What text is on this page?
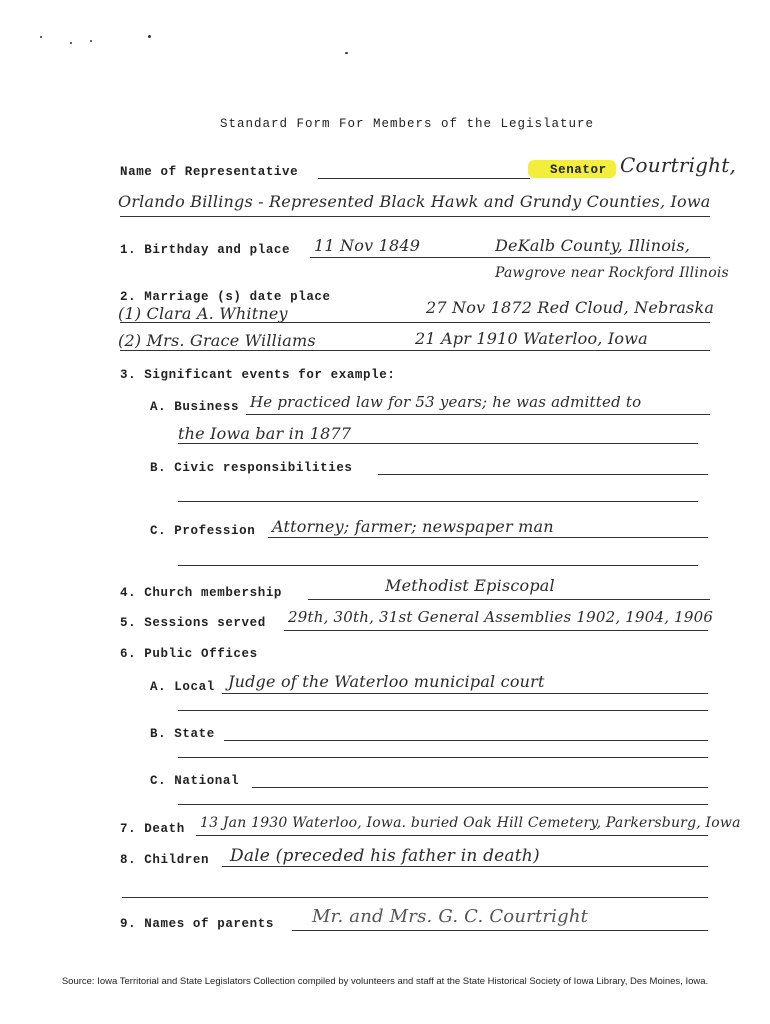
Standard Form For Members of the Legislature
Name of Representative	Senator Courtright,
Orlando Billings - Represented Black Hawk and Grundy Counties, Iowa
1. Birthday and place 11 Nov 1849	DeKalb County, Illinois,
Pawgrove near Rockford Illinois
2. Marriage (s) date place
(1) Clara A. Whitney	27 Nov 1872 Red Cloud, Nebraska
(2) Mrs. Grace Williams	21 Apr 1910 Waterloo, Iowa
3. Significant events for example:
A. Business He practiced law for 53 years; he was admitted to
the Iowa bar in 1877
B. Civic responsibilities
C. Profession Attorney; farmer; newspaper man
4. Church membership	Methodist Episcopal
5. Sessions served 29th, 30th, 31st General Assemblies 1902, 1904, 1906
6. Public Offices
A. Local Judge of the Waterloo municipal court
B. State
C. National
7. Death 13 Jan 1930 Waterloo, Iowa. buried Oak Hill Cemetery, Parkersburg, Iowa
8. Children Dale (preceded his father in death)
9. Names of parents Mr. and Mrs. G. C. Courtright
Source: Iowa Territorial and State Legislators Collection compiled by volunteers and staff at the State Historical Society of Iowa Library, Des Moines, Iowa.
